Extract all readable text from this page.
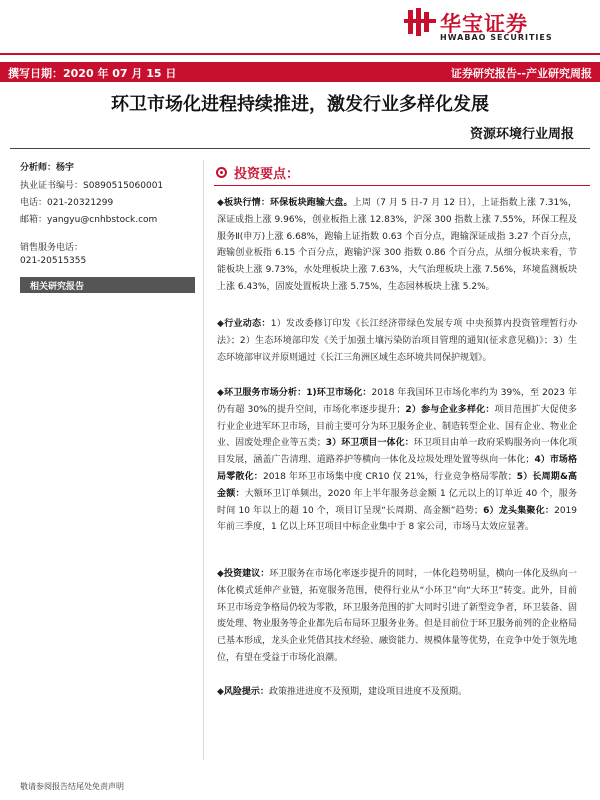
华宝证券
HWABAO SECURITIES
撰写日期：2020 年 07 月 15 日	证券研究报告--产业研究周报
环卫市场化进程持续推进，激发行业多样化发展
资源环境行业周报
分析师：杨宇
执业证书编号：S0890515060001
电话：021-20321299
邮箱：yangyu@cnhbstock.com
销售服务电话：
021-20515355
相关研究报告
投资要点：
◆板块行情：环保板块跑输大盘。上周（7 月 5 日-7 月 12 日），上证指数上涨 7.31%，深证成指上涨 9.96%，创业板指上涨 12.83%，沪深 300 指数上涨 7.55%，环保工程及服务Ⅱ(申万)上涨 6.68%，跑输上证指数 0.63 个百分点，跑输深证成指 3.27 个百分点，跑输创业板指 6.15 个百分点，跑输沪深 300 指数 0.86 个百分点，从细分板块来看，节能板块上涨 9.73%，水处理板块上涨 7.63%，大气治理板块上涨 7.56%，环境监测板块上涨 6.43%，固废处置板块上涨 5.75%，生态园林板块上涨 5.2%。
◆行业动态：1）发改委修订印发《长江经济带绿色发展专项 中央预算内投资管理暂行办法》；2）生态环境部印发《关于加强土壤污染防治项目管理的通知(征求意见稿)》；3）生态环境部审议并原则通过《长江三角洲区域生态环境共同保护规划》。
◆环卫服务市场分析：1)环卫市场化：2018 年我国环卫市场化率约为 39%，至 2023 年仍有超 30%的提升空间，市场化率逐步提升；2）参与企业多样化：项目范围扩大促使多行业企业进军环卫市场，目前主要可分为环卫服务企业、制造转型企业、国有企业、物业企业、固废处理企业等五类；3）环卫项目一体化：环卫项目由单一政府采购服务向一体化项目发展，涵盖广告清理、道路养护等横向一体化及垃圾处理处置等纵向一体化；4）市场格局零散化：2018 年环卫市场集中度 CR10 仅 21%，行业竞争格局零散；5）长周期&高金额：大额环卫订单频出，2020 年上半年服务总金额 1 亿元以上的订单近 40 个，服务时间 10 年以上的超 10 个，项目订呈现“长周期、高金额”趋势；6）龙头集聚化：2019 年前三季度，1 亿以上环卫项目中标企业集中于 8 家公司，市场马太效应显著。
◆投资建议：环卫服务在市场化率逐步提升的同时，一体化趋势明显，横向一体化及纵向一体化模式延伸产业链，拓宽服务范围，使得行业从“小环卫”向“大环卫”转变。此外，目前环卫市场竞争格局仍较为零散，环卫服务范围的扩大同时引进了新型竞争者，环卫装备、固废处理、物业服务等企业都先后布局环卫服务业务。但是目前位于环卫服务前列的企业格局已基本形成，龙头企业凭借其技术经验、融资能力、规模体量等优势，在竞争中处于领先地位，有望在受益于市场化浪潮。
◆风险提示：政策推进进度不及预期，建设项目进度不及预期。
敬请参阅报告结尾处免责声明
